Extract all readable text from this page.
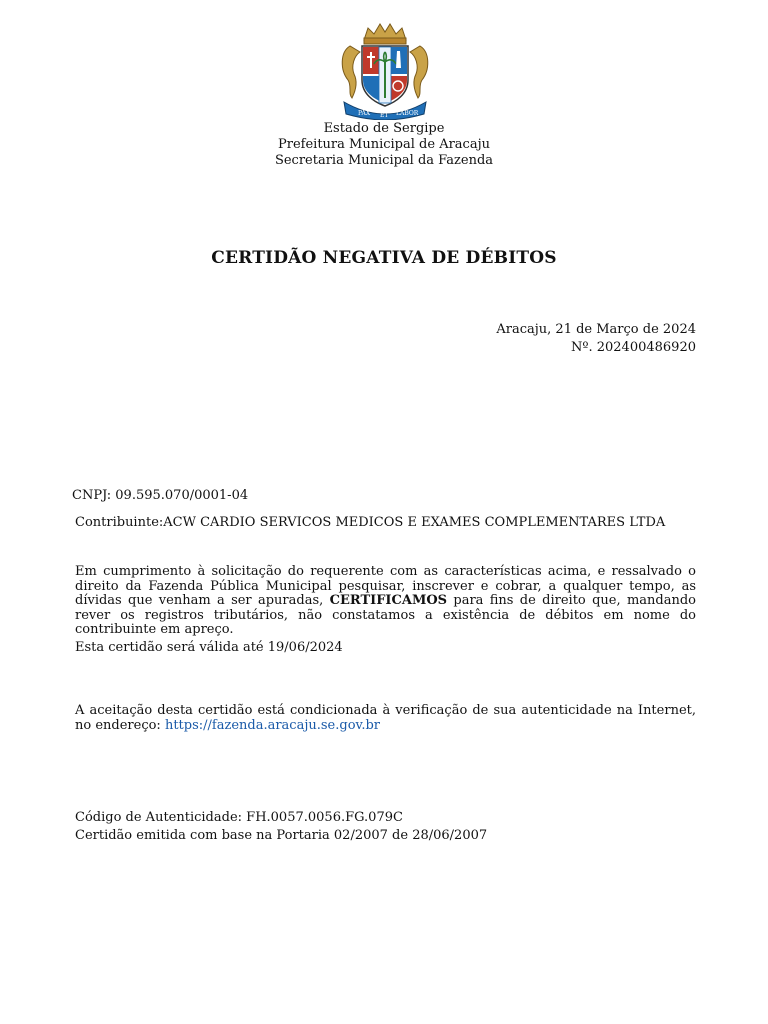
PAX ET LABOR
Estado de Sergipe
Prefeitura Municipal de Aracaju
Secretaria Municipal da Fazenda
CERTIDÃO NEGATIVA DE DÉBITOS
Aracaju, 21 de Março de 2024
Nº. 202400486920
CNPJ: 09.595.070/0001-04
Contribuinte:ACW CARDIO SERVICOS MEDICOS E EXAMES COMPLEMENTARES LTDA
Em cumprimento à solicitação do requerente com as características acima, e ressalvado o direito da Fazenda Pública Municipal pesquisar, inscrever e cobrar, a qualquer tempo, as dívidas que venham a ser apuradas, CERTIFICAMOS para fins de direito que, mandando rever os registros tributários, não constatamos a existência de débitos em nome do contribuinte em apreço.
Esta certidão será válida até 19/06/2024
A aceitação desta certidão está condicionada à verificação de sua autenticidade na Internet, no endereço: https://fazenda.aracaju.se.gov.br
Código de Autenticidade: FH.0057.0056.FG.079C
Certidão emitida com base na Portaria 02/2007 de 28/06/2007
